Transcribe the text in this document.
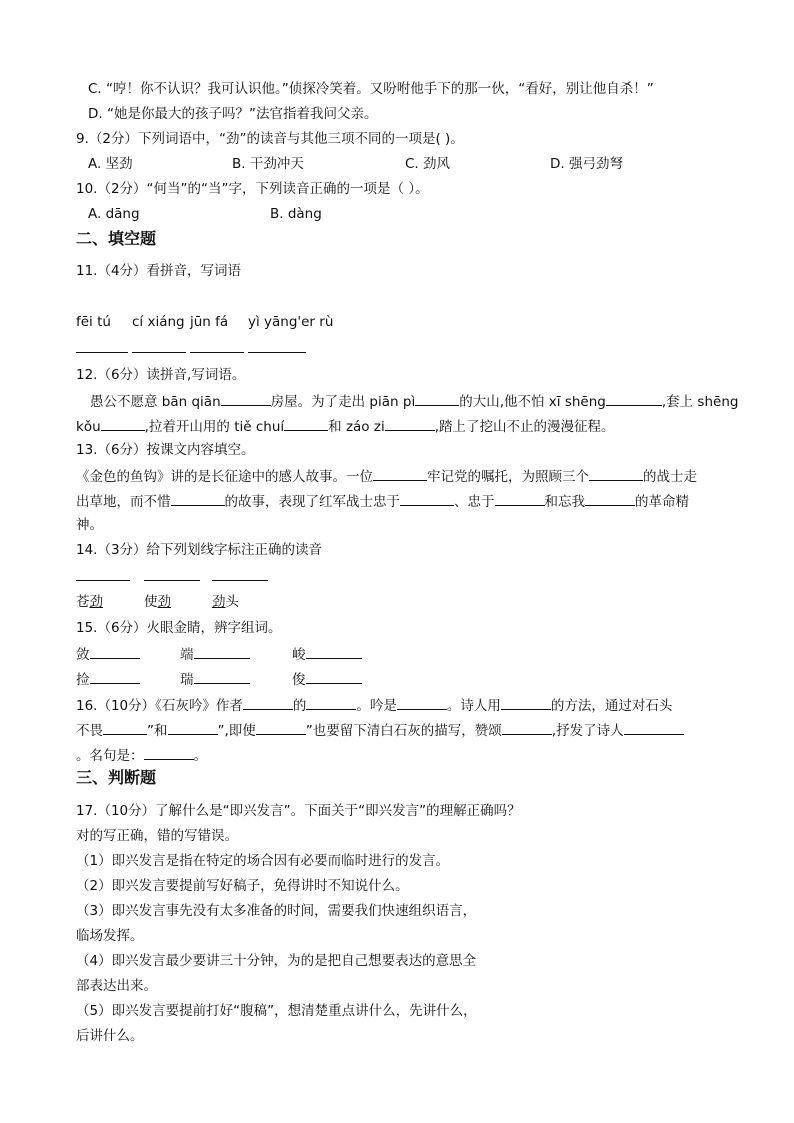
C. “哼！你不认识？我可认识他。”侦探冷笑着。又吩咐他手下的那一伙，“看好，别让他自杀！”
D. “她是你最大的孩子吗？”法官指着我问父亲。
9.（2分）下列词语中，“劲”的读音与其他三项不同的一项是( )。
A. 坚劲	B. 干劲冲天	C. 劲风	D. 强弓劲弩
10.（2分）“何当”的“当”字，下列读音正确的一项是（ ）。
A. dāng	B. dàng
二、填空题
11.（4分）看拼音，写词语
fēi tú cí xiáng jūn fá yì yāng'er rù
12.（6分）读拼音,写词语。
愚公不愿意 bān qiān	房屋。为了走出 piān pì	的大山,他不怕 xī shēng	,套上 shēng
kǒu	,拉着开山用的 tiě chuí	和 záo zi	,踏上了挖山不止的漫漫征程。
13.（6分）按课文内容填空。
《金色的鱼钩》讲的是长征途中的感人故事。一位	牢记党的嘱托，为照顾三个	的战士走
出草地，而不惜	的故事，表现了红军战士忠于	、忠于	和忘我	的革命精
神。
14.（3分）给下列划线字标注正确的读音
苍劲	使劲	劲头
15.（6分）火眼金睛，辨字组词。
敛	端	峻
捡	瑞	俊
16.（10分）《石灰吟》作者	的	。吟是	。诗人用	的方法，通过对石头
不畏	”和	”,即使	”也要留下清白石灰的描写，赞颂	,抒发了诗人
。名句是：	。
三、判断题
17.（10分）了解什么是“即兴发言”。下面关于“即兴发言”的理解正确吗？
对的写正确，错的写错误。
（1）即兴发言是指在特定的场合因有必要而临时进行的发言。
（2）即兴发言要提前写好稿子，免得讲时不知说什么。
（3）即兴发言事先没有太多准备的时间，需要我们快速组织语言，
临场发挥。
（4）即兴发言最少要讲三十分钟，为的是把自己想要表达的意思全
部表达出来。
（5）即兴发言要提前打好“腹稿”，想清楚重点讲什么，先讲什么，
后讲什么。
